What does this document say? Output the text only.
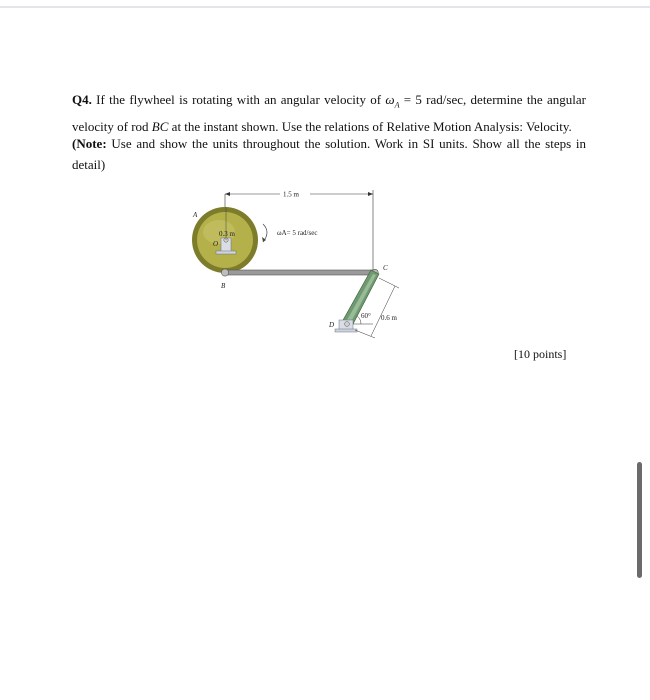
Q4. If the flywheel is rotating with an angular velocity of $\omega_A = 5$ rad/sec, determine the angular velocity of rod BC at the instant shown. Use the relations of Relative Motion Analysis: Velocity.
(Note: Use and show the units throughout the solution. Work in SI units. Show all the steps in detail)
1.5 m
0.3 m
A
O
ωA= 5 rad/sec
B
C
D
60° 0.6 m
[10 points]
